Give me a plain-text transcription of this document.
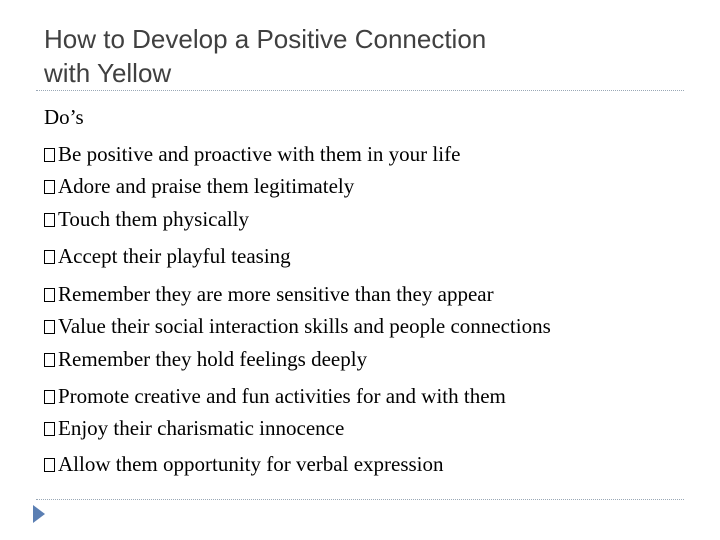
How to Develop a Positive Connection
with Yellow
Do’s
Be positive and proactive with them in your life
Adore and praise them legitimately
Touch them physically
Accept their playful teasing
Remember they are more sensitive than they appear
Value their social interaction skills and people connections
Remember they hold feelings deeply
Promote creative and fun activities for and with them
Enjoy their charismatic innocence
Allow them opportunity for verbal expression
